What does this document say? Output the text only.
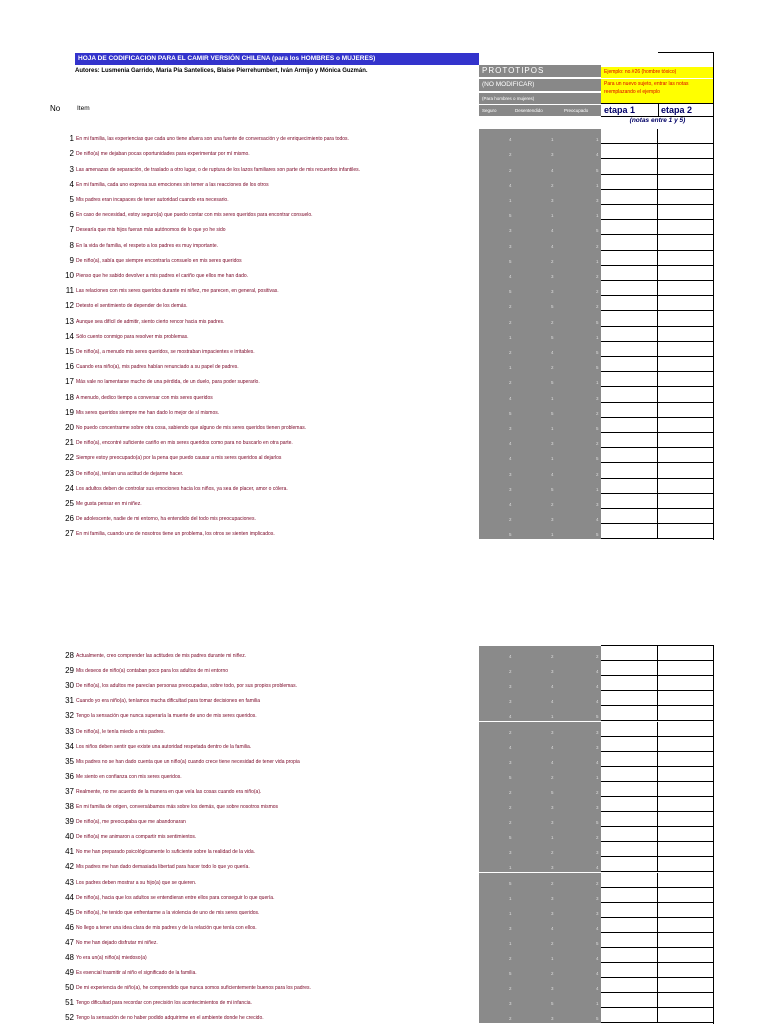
HOJA DE CODIFICACION PARA EL CAMIR VERSIÓN CHILENA (para los HOMBRES o MUJERES)
Autores: Lusmenia Garrido, María Pía Santelices, Blaise Pierrehumbert, Iván Armijo y Mónica Guzmán.
No	Item
PROTOTIPOS
(NO MODIFICAR)
(Para hombres o mujeres)
Seguro	Desentendido	Preocupado
Ejemplo: no.#26 (hombre tóxico)
Para un nuevo sujeto, entrar las notas reemplazando el ejemplo
etapa 1	etapa 2
(notas entre 1 y 5)
1 En mi familia, las experiencias que cada uno tiene afuera son una fuente de conversación y de enriquecimiento para todos.	4	1	1
2 De niño(a) me dejaban pocas oportunidades para experimentar por mí mismo.	2	3	4
3 Las amenazas de separación, de traslado a otro lugar, o de ruptura de los lazos familiares son parte de mis recuerdos infantiles.	2	4	5
4 En mi familia, cada uno expresa sus emociones sin temer a las reacciones de los otros	4	2	1
5 Mis padres eran incapaces de tener autoridad cuando era necesario.	1	3	3
6 En caso de necesidad, estoy seguro(a) que puedo contar con mis seres queridos para encontrar consuelo.	5	1	1
7 Desearía que mis hijos fueran más autónomos de lo que yo he sido	3	4	5
8 En la vida de familia, el respeto a los padres es muy importante.	3	4	2
9 De niño(a), sabía que siempre encontraría consuelo en mis seres queridos	5	2	1
10 Pienso que he sabido devolver a mis padres el cariño que ellos me han dado.	4	3	2
11 Las relaciones con mis seres queridos durante mi niñez, me parecen, en general, positivas.	5	3	2
12 Detesto el sentimiento de depender de los demás.	2	5	2
13 Aunque sea difícil de admitir, siento cierto rencor hacia mis padres.	2	2	5
14 Sólo cuento conmigo para resolver mis problemas.	1	5	1
15 De niño(a), a menudo mis seres queridos, se mostraban impacientes e irritables.	2	4	5
16 Cuando era niño(a), mis padres habían renunciado a su papel de padres.	1	2	5
17 Más vale no lamentarse mucho de una pérdida, de un duelo, para poder superarlo.	2	5	1
18 A menudo, dedico tiempo a conversar con mis seres queridos	4	1	3
19 Mis seres queridos siempre me han dado lo mejor de sí mismos.	5	5	2
20 No puedo concentrarme sobre otra cosa, sabiendo que alguno de mis seres queridos tienen problemas.	3	1	5
21 De niño(a), encontré suficiente cariño en mis seres queridos como para no buscarlo en otra parte.	4	3	2
22 Siempre estoy preocupado(a) por la pena que puedo causar a mis seres queridos al dejarlos	4	1	5
23 De niño(a), tenían una actitud de dejarme hacer.	3	4	2
24 Los adultos deben de controlar sus emociones hacia los niños, ya sea de placer, amor o cólera.	3	5	1
25 Me gusta pensar en mi niñez.	4	2	3
26 De adolescente, nadie de mi entorno, ha entendido del todo mis preocupaciones.	2	3	4
27 En mi familia, cuando uno de nosotros tiene un problema, los otros se sienten implicados.	5	1	5
28 Actualmente, creo comprender las actitudes de mis padres durante mi niñez.	4	2	2
29 Mis deseos de niño(a) contaban poco para los adultos de mi entorno	2	3	4
30 De niño(a), los adultos me parecían personas preocupadas, sobre todo, por sus propios problemas.	3	4	4
31 Cuando yo era niño(a), teníamos mucha dificultad para tomar decisiones en familia	3	4	4
32 Tengo la sensación que nunca superaría la muerte de uno de mis seres queridos.	4	1	5
33 De niño(a), le tenía miedo a mis padres.	2	3	3
34 Los niños deben sentir que existe una autoridad respetada dentro de la familia.	4	4	3
35 Mis padres no se han dado cuenta que un niño(a) cuando crece tiene necesidad de tener vida propia	3	4	4
36 Me siento en confianza con mis seres queridos.	5	2	1
37 Realmente, no me acuerdo de la manera en que veía las cosas cuando era niño(a).	2	5	2
38 En mi familia de origen, conversábamos más sobre los demás, que sobre nosotros mismos	2	3	3
39 De niño(a), me preocupaba que me abandonaran	2	3	5
40 De niño(a) me animaron a compartir mis sentimientos.	5	1	2
41 No me han preparado psicológicamente lo suficiente sobre la realidad de la vida.	3	2	3
42 Mis padres me han dado demasiada libertad para hacer todo lo que yo quería.	1	3	4
43 Los padres deben mostrar a su hijo(a) que se quieren.	5	2	2
44 De niño(a), hacia que los adultos se entendieran entre ellos para conseguir lo que quería.	1	3	3
45 De niño(a), he tenido que enfrentarme a la violencia de uno de mis seres queridos.	1	3	3
46 No llego a tener una idea clara de mis padres y de la relación que tenía con ellos.	3	4	4
47 No me han dejado disfrutar mi niñez.	1	2	5
48 Yo era un(a) niño(a) miedoso(a)	2	1	4
49 Es esencial trasmitir al niño el significado de la familia.	5	2	4
50 De mi experiencia de niño(a), he comprendido que nunca somos suficientemente buenos para los padres.	2	3	4
51 Tengo dificultad para recordar con precisión los acontecimientos de mi infancia.	3	5	1
52 Tengo la sensación de no haber podido adquirirme en el ambiente donde he crecido.	2	3	5
